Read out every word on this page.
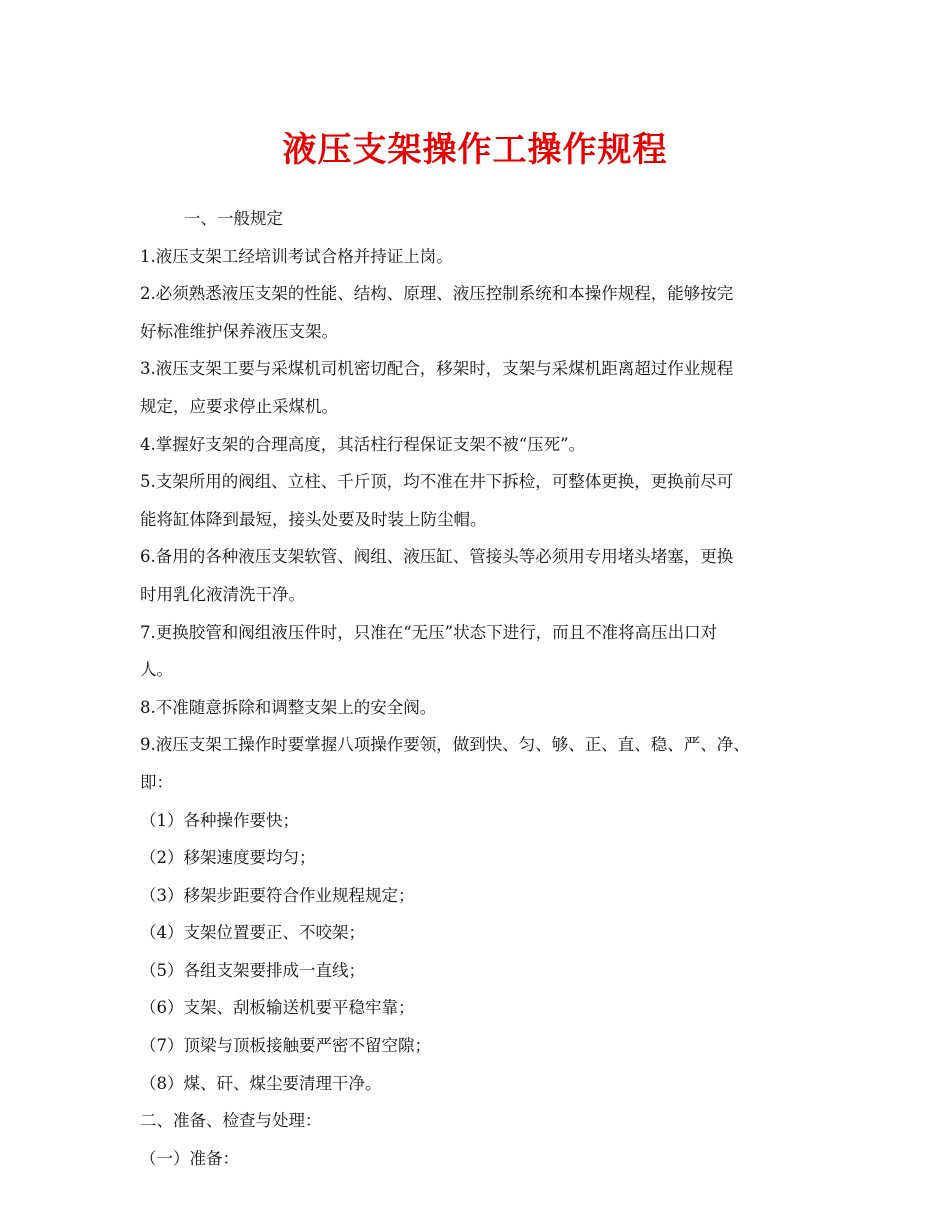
液压支架操作工操作规程
一、一般规定
1.液压支架工经培训考试合格并持证上岗。
2.必须熟悉液压支架的性能、结构、原理、液压控制系统和本操作规程，能够按完
好标准维护保养液压支架。
3.液压支架工要与采煤机司机密切配合，移架时，支架与采煤机距离超过作业规程
规定，应要求停止采煤机。
4.掌握好支架的合理高度，其活柱行程保证支架不被“压死”。
5.支架所用的阀组、立柱、千斤顶，均不准在井下拆检，可整体更换，更换前尽可
能将缸体降到最短，接头处要及时装上防尘帽。
6.备用的各种液压支架软管、阀组、液压缸、管接头等必须用专用堵头堵塞，更换
时用乳化液清洗干净。
7.更换胶管和阀组液压件时，只准在“无压”状态下进行，而且不准将高压出口对
人。
8.不准随意拆除和调整支架上的安全阀。
9.液压支架工操作时要掌握八项操作要领，做到快、匀、够、正、直、稳、严、净、
即：
（1）各种操作要快；
（2）移架速度要均匀；
（3）移架步距要符合作业规程规定；
（4）支架位置要正、不咬架；
（5）各组支架要排成一直线；
（6）支架、刮板输送机要平稳牢靠；
（7）顶梁与顶板接触要严密不留空隙；
（8）煤、矸、煤尘要清理干净。
二、准备、检查与处理：
（一）准备：
